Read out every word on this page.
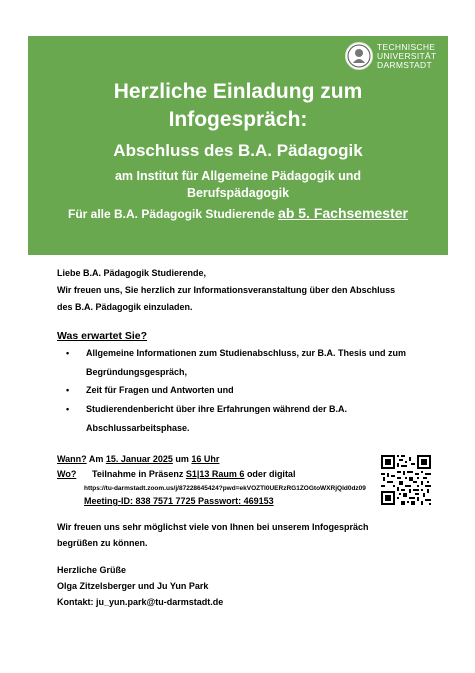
TECHNISCHE
UNIVERSITÄT
DARMSTADT
Herzliche Einladung zum
Infogespräch:
Abschluss des B.A. Pädagogik
am Institut für Allgemeine Pädagogik und
Berufspädagogik
Für alle B.A. Pädagogik Studierende ab 5. Fachsemester
Liebe B.A. Pädagogik Studierende,
Wir freuen uns, Sie herzlich zur Informationsveranstaltung über den Abschluss
des B.A. Pädagogik einzuladen.
Was erwartet Sie?
• Allgemeine Informationen zum Studienabschluss, zur B.A. Thesis und zum
Begründungsgespräch,
• Zeit für Fragen und Antworten und
• Studierendenbericht über ihre Erfahrungen während der B.A.
Abschlussarbeitsphase.
Wann? Am 15. Januar 2025 um 16 Uhr
Wo? Teilnahme in Präsenz S1|13 Raum 6 oder digital
https://tu-darmstadt.zoom.us/j/87228645424?pwd=ekVOZTI0UERzRG1ZOGtoWXRjQld0dz09
Meeting-ID: 838 7571 7725 Passwort: 469153
Wir freuen uns sehr möglichst viele von Ihnen bei unserem Infogespräch
begrüßen zu können.
Herzliche Grüße
Olga Zitzelsberger und Ju Yun Park
Kontakt: ju_yun.park@tu-darmstadt.de
